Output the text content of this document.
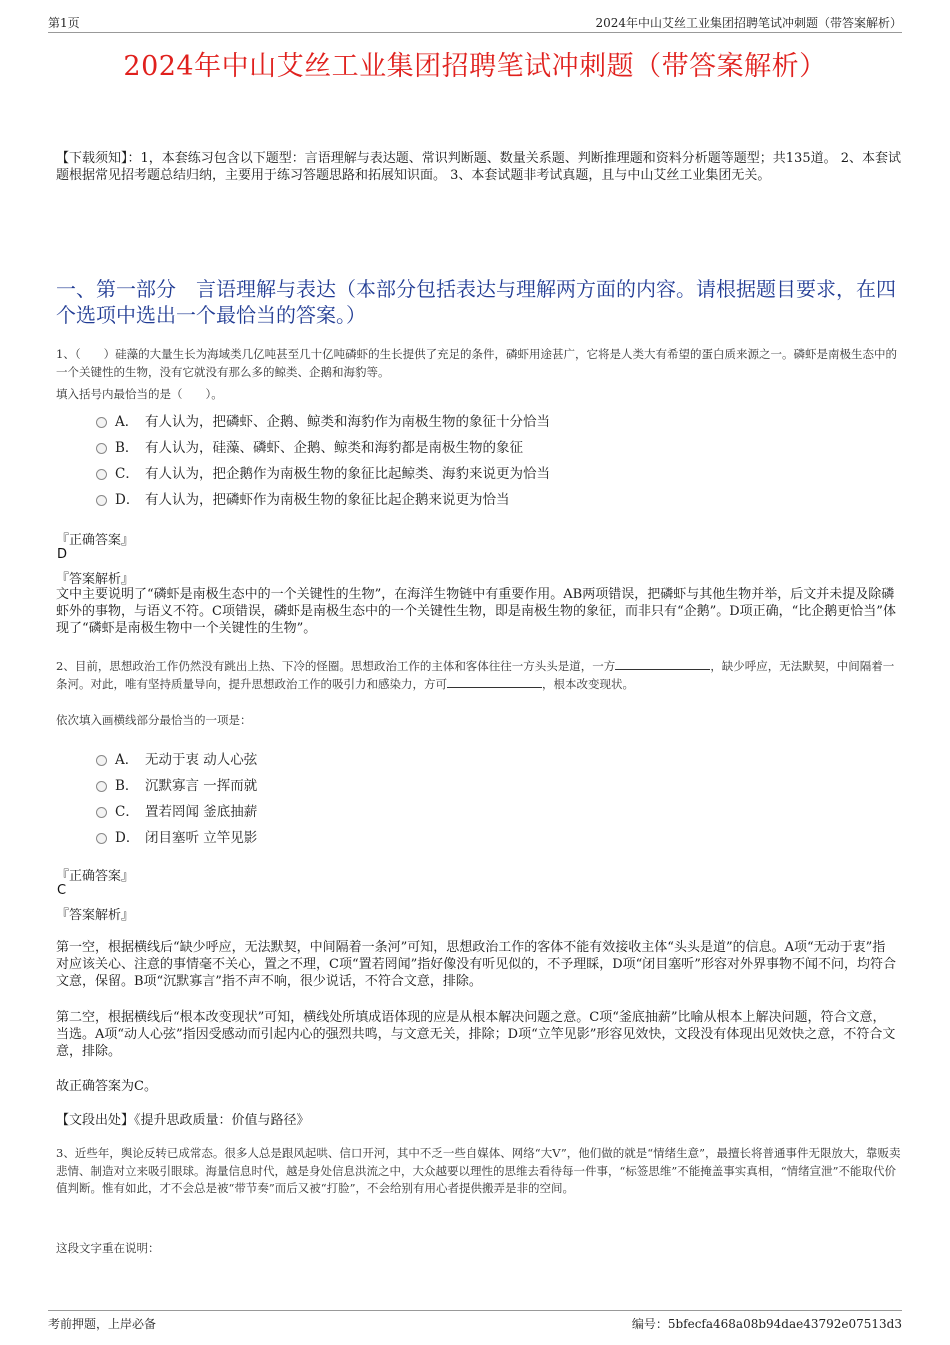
第1页	2024年中山艾丝工业集团招聘笔试冲刺题（带答案解析）
2024年中山艾丝工业集团招聘笔试冲刺题（带答案解析）
【下载须知】：1，本套练习包含以下题型：言语理解与表达题、常识判断题、数量关系题、判断推理题和资料分析题等题型；共135道。 2、本套试题根据常见招考题总结归纳，主要用于练习答题思路和拓展知识面。 3、本套试题非考试真题，且与中山艾丝工业集团无关。
一、第一部分　言语理解与表达（本部分包括表达与理解两方面的内容。请根据题目要求，在四个选项中选出一个最恰当的答案。）
1、（　　）硅藻的大量生长为海域类几亿吨甚至几十亿吨磷虾的生长提供了充足的条件，磷虾用途甚广，它将是人类大有希望的蛋白质来源之一。磷虾是南极生态中的一个关键性的生物，没有它就没有那么多的鲸类、企鹅和海豹等。
填入括号内最恰当的是（　　）。
A． 有人认为，把磷虾、企鹅、鲸类和海豹作为南极生物的象征十分恰当
B． 有人认为，硅藻、磷虾、企鹅、鲸类和海豹都是南极生物的象征
C． 有人认为，把企鹅作为南极生物的象征比起鲸类、海豹来说更为恰当
D． 有人认为，把磷虾作为南极生物的象征比起企鹅来说更为恰当
『正确答案』
D
『答案解析』
文中主要说明了“磷虾是南极生态中的一个关键性的生物”，在海洋生物链中有重要作用。AB两项错误，把磷虾与其他生物并举，后文并未提及除磷虾外的事物，与语义不符。C项错误，磷虾是南极生态中的一个关键性生物，即是南极生物的象征，而非只有“企鹅”。D项正确，“比企鹅更恰当”体现了“磷虾是南极生物中一个关键性的生物”。
2、目前，思想政治工作仍然没有跳出上热、下冷的怪圈。思想政治工作的主体和客体往往一方头头是道，一方	，缺少呼应，无法默契，中间隔着一条河。对此，唯有坚持质量导向，提升思想政治工作的吸引力和感染力，方可	，根本改变现状。
依次填入画横线部分最恰当的一项是：
A． 无动于衷 动人心弦
B． 沉默寡言 一挥而就
C． 置若罔闻 釜底抽薪
D． 闭目塞听 立竿见影
『正确答案』
C
『答案解析』
第一空，根据横线后“缺少呼应，无法默契，中间隔着一条河”可知，思想政治工作的客体不能有效接收主体“头头是道”的信息。A项“无动于衷”指对应该关心、注意的事情毫不关心，置之不理，C项“置若罔闻”指好像没有听见似的，不予理睬，D项“闭目塞听”形容对外界事物不闻不问，均符合文意，保留。B项“沉默寡言”指不声不响，很少说话，不符合文意，排除。
第二空，根据横线后“根本改变现状”可知，横线处所填成语体现的应是从根本解决问题之意。C项“釜底抽薪”比喻从根本上解决问题，符合文意，当选。A项“动人心弦”指因受感动而引起内心的强烈共鸣，与文意无关，排除；D项“立竿见影”形容见效快，文段没有体现出见效快之意，不符合文意，排除。
故正确答案为C。
【文段出处】《提升思政质量：价值与路径》
3、近些年，舆论反转已成常态。很多人总是跟风起哄、信口开河，其中不乏一些自媒体、网络“大V”，他们做的就是“情绪生意”，最擅长将普通事件无限放大，靠贩卖悲情、制造对立来吸引眼球。海量信息时代，越是身处信息洪流之中，大众越要以理性的思维去看待每一件事，“标签思维”不能掩盖事实真相，“情绪宣泄”不能取代价值判断。惟有如此，才不会总是被“带节奏”而后又被“打脸”，不会给别有用心者提供搬弄是非的空间。
这段文字重在说明：
考前押题，上岸必备	编号：5bfecfa468a08b94dae43792e07513d3
